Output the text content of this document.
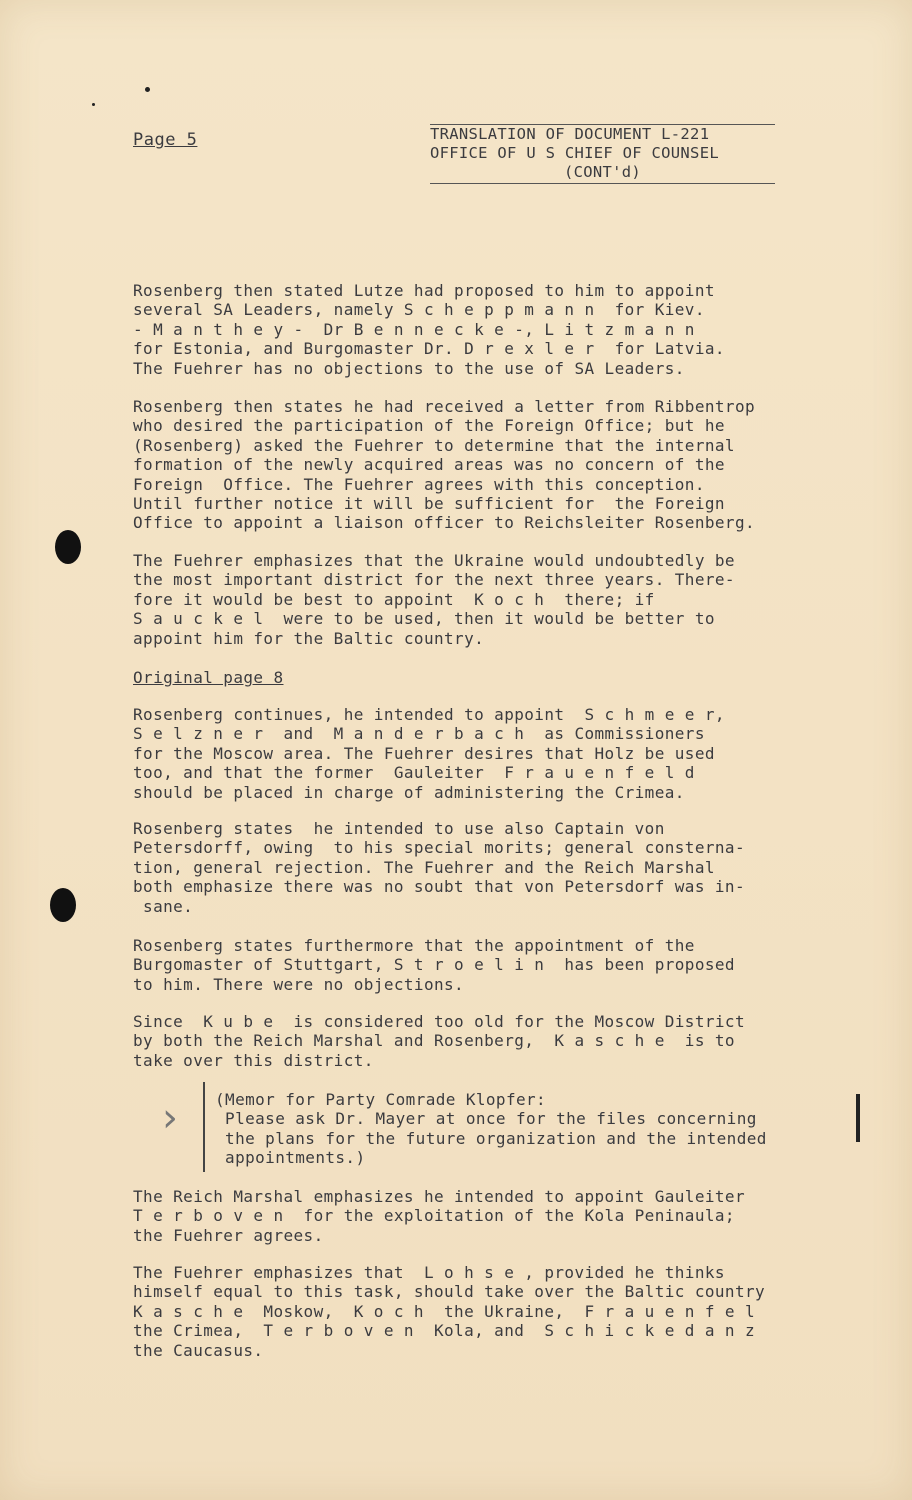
Page 5	TRANSLATION OF DOCUMENT L-221
OFFICE OF U S CHIEF OF COUNSEL
(CONT'd)
Rosenberg then stated Lutze had proposed to him to appoint
several SA Leaders, namely S c h e p p m a n n  for Kiev.
- M a n t h e y -  Dr B e n n e c k e -, L i t z m a n n
for Estonia, and Burgomaster Dr. D r e x l e r  for Latvia.
The Fuehrer has no objections to the use of SA Leaders.
Rosenberg then states he had received a letter from Ribbentrop
who desired the participation of the Foreign Office; but he
(Rosenberg) asked the Fuehrer to determine that the internal
formation of the newly acquired areas was no concern of the
Foreign  Office. The Fuehrer agrees with this conception.
Until further notice it will be sufficient for  the Foreign
Office to appoint a liaison officer to Reichsleiter Rosenberg.
The Fuehrer emphasizes that the Ukraine would undoubtedly be
the most important district for the next three years. There-
fore it would be best to appoint  K o c h  there; if
S a u c k e l  were to be used, then it would be better to
appoint him for the Baltic country.
Original page 8
Rosenberg continues, he intended to appoint  S c h m e e r,
S e l z n e r  and  M a n d e r b a c h  as Commissioners
for the Moscow area. The Fuehrer desires that Holz be used
too, and that the former  Gauleiter  F r a u e n f e l d
should be placed in charge of administering the Crimea.
Rosenberg states  he intended to use also Captain von
Petersdorff, owing  to his special morits; general consterna-
tion, general rejection. The Fuehrer and the Reich Marshal
both emphasize there was no soubt that von Petersdorf was in-
sane.
Rosenberg states furthermore that the appointment of the
Burgomaster of Stuttgart, S t r o e l i n  has been proposed
to him. There were no objections.
Since  K u b e  is considered too old for the Moscow District
by both the Reich Marshal and Rosenberg,  K a s c h e  is to
take over this district.
› (Memor for Party Comrade Klopfer:
Please ask Dr. Mayer at once for the files concerning
the plans for the future organization and the intended
appointments.)
The Reich Marshal emphasizes he intended to appoint Gauleiter
T e r b o v e n  for the exploitation of the Kola Peninaula;
the Fuehrer agrees.
The Fuehrer emphasizes that  L o h s e , provided he thinks
himself equal to this task, should take over the Baltic country
K a s c h e  Moskow,  K o c h  the Ukraine,  F r a u e n f e l
the Crimea,  T e r b o v e n  Kola, and  S c h i c k e d a n z
the Caucasus.
